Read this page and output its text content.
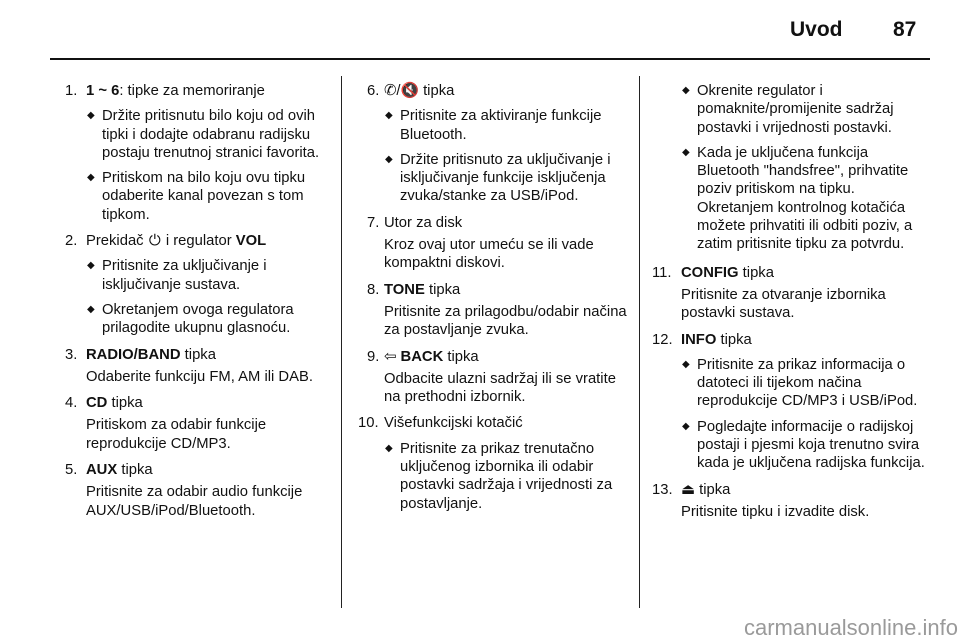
Uvod 87
1. 1 ~ 6: tipke za memoriranje
◆ Držite pritisnutu bilo koju od ovih tipki i dodajte odabranu radijsku postaju trenutnoj stranici favorita.
◆ Pritiskom na bilo koju ovu tipku odaberite kanal povezan s tom tipkom.
2. Prekidač ⏻ i regulator VOL
◆ Pritisnite za uključivanje i isključivanje sustava.
◆ Okretanjem ovoga regulatora prilagodite ukupnu glasnoću.
3. RADIO/BAND tipka
Odaberite funkciju FM, AM ili DAB.
4. CD tipka
Pritiskom za odabir funkcije reprodukcije CD/MP3.
5. AUX tipka
Pritisnite za odabir audio funkcije AUX/USB/iPod/Bluetooth.
6. ✆/🔇 tipka
◆ Pritisnite za aktiviranje funkcije Bluetooth.
◆ Držite pritisnuto za uključivanje i isključivanje funkcije isključenja zvuka/stanke za USB/iPod.
7. Utor za disk
Kroz ovaj utor umeću se ili vade kompaktni diskovi.
8. TONE tipka
Pritisnite za prilagodbu/odabir načina za postavljanje zvuka.
9. ⇦ BACK tipka
Odbacite ulazni sadržaj ili se vratite na prethodni izbornik.
10. Višefunkcijski kotačić
◆ Pritisnite za prikaz trenutačno uključenog izbornika ili odabir postavki sadržaja i vrijednosti za postavljanje.
◆ Okrenite regulator i pomaknite/promijenite sadržaj postavki i vrijednosti postavki.
◆ Kada je uključena funkcija Bluetooth "handsfree", prihvatite poziv pritiskom na tipku. Okretanjem kontrolnog kotačića možete prihvatiti ili odbiti poziv, a zatim pritisnite tipku za potvrdu.
11. CONFIG tipka
Pritisnite za otvaranje izbornika postavki sustava.
12. INFO tipka
◆ Pritisnite za prikaz informacija o datoteci ili tijekom načina reprodukcije CD/MP3 i USB/iPod.
◆ Pogledajte informacije o radijskoj postaji i pjesmi koja trenutno svira kada je uključena radijska funkcija.
13. ⏏ tipka
Pritisnite tipku i izvadite disk.
carmanualsonline.info
